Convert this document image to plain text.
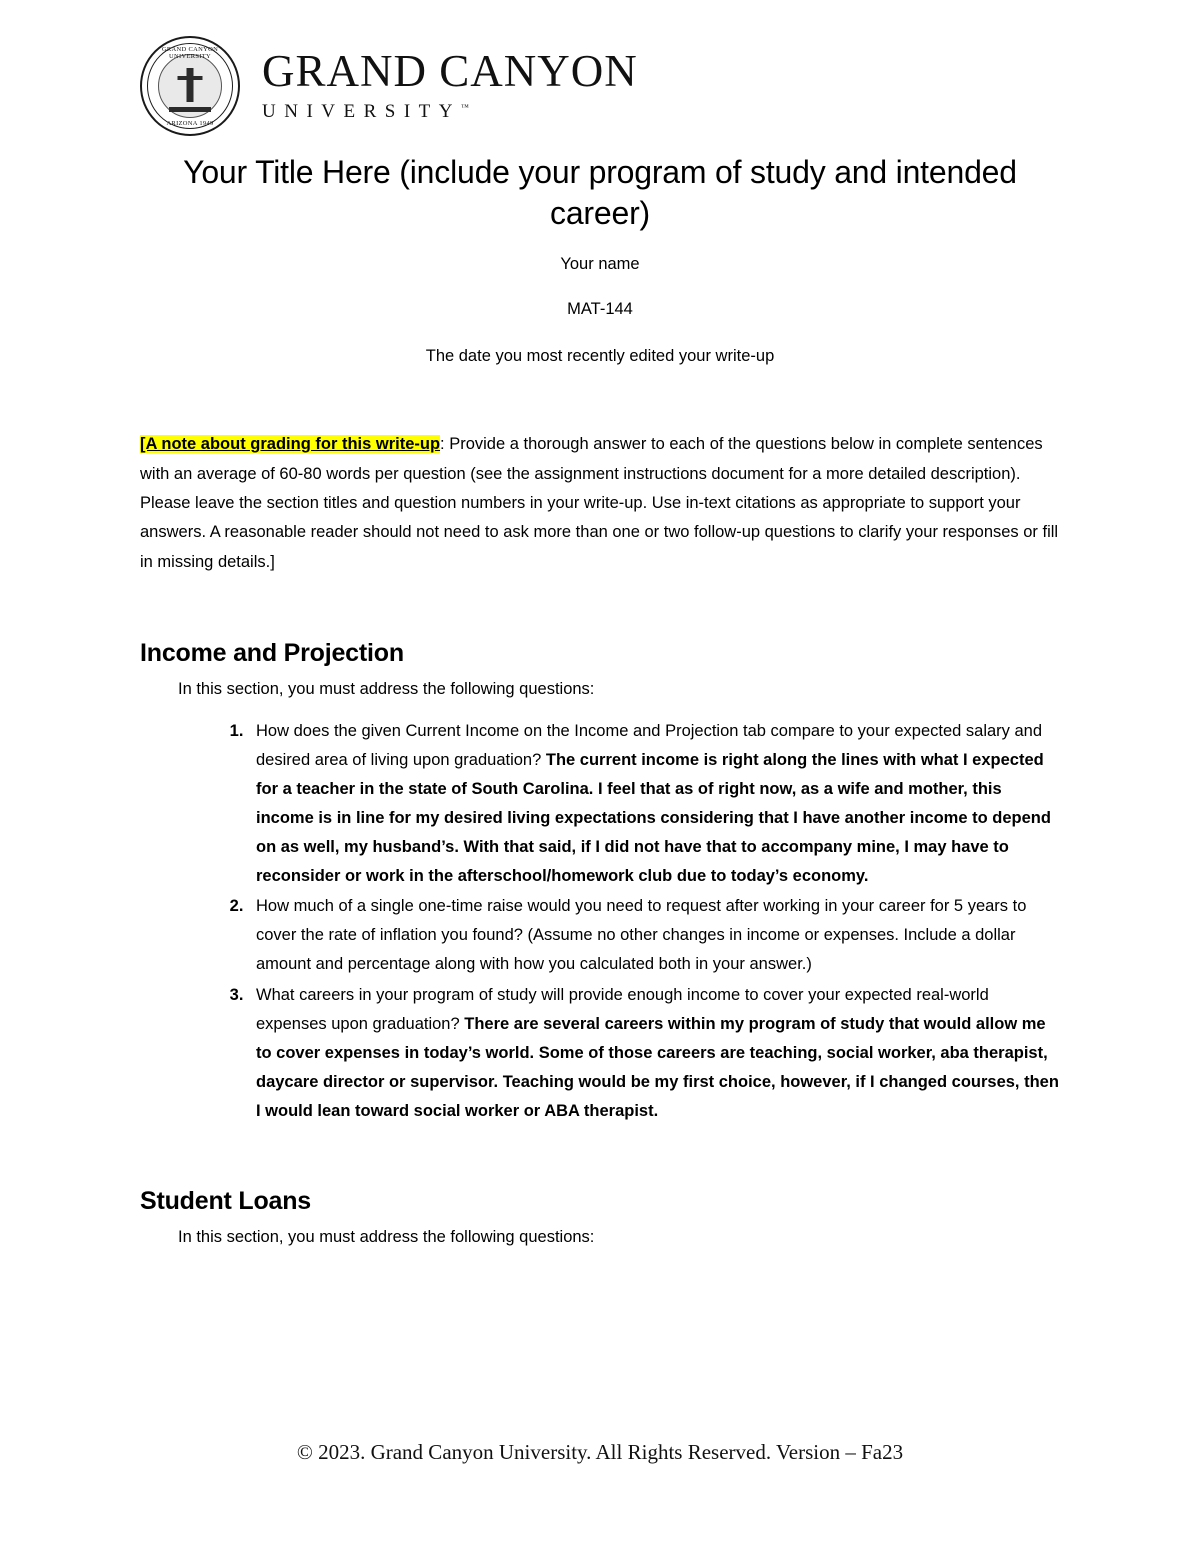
GRAND CANYON UNIVERSITY
ARIZONA 1949
GRAND CANYON
UNIVERSITY™
Your Title Here (include your program of study and intended career)
Your name
MAT-144
The date you most recently edited your write-up

[A note about grading for this write-up: Provide a thorough answer to each of the questions below in complete sentences with an average of 60-80 words per question (see the assignment instructions document for a more detailed description). Please leave the section titles and question numbers in your write-up. Use in-text citations as appropriate to support your answers. A reasonable reader should not need to ask more than one or two follow-up questions to clarify your responses or fill in missing details.]

Income and Projection
In this section, you must address the following questions:
1. How does the given Current Income on the Income and Projection tab compare to your expected salary and desired area of living upon graduation? The current income is right along the lines with what I expected for a teacher in the state of South Carolina. I feel that as of right now, as a wife and mother, this income is in line for my desired living expectations considering that I have another income to depend on as well, my husband’s. With that said, if I did not have that to accompany mine, I may have to reconsider or work in the afterschool/homework club due to today’s economy.
2. How much of a single one-time raise would you need to request after working in your career for 5 years to cover the rate of inflation you found? (Assume no other changes in income or expenses. Include a dollar amount and percentage along with how you calculated both in your answer.)
3. What careers in your program of study will provide enough income to cover your expected real-world expenses upon graduation? There are several careers within my program of study that would allow me to cover expenses in today’s world. Some of those careers are teaching, social worker, aba therapist, daycare director or supervisor. Teaching would be my first choice, however, if I changed courses, then I would lean toward social worker or ABA therapist.
Student Loans
In this section, you must address the following questions:
© 2023. Grand Canyon University. All Rights Reserved. Version – Fa23
